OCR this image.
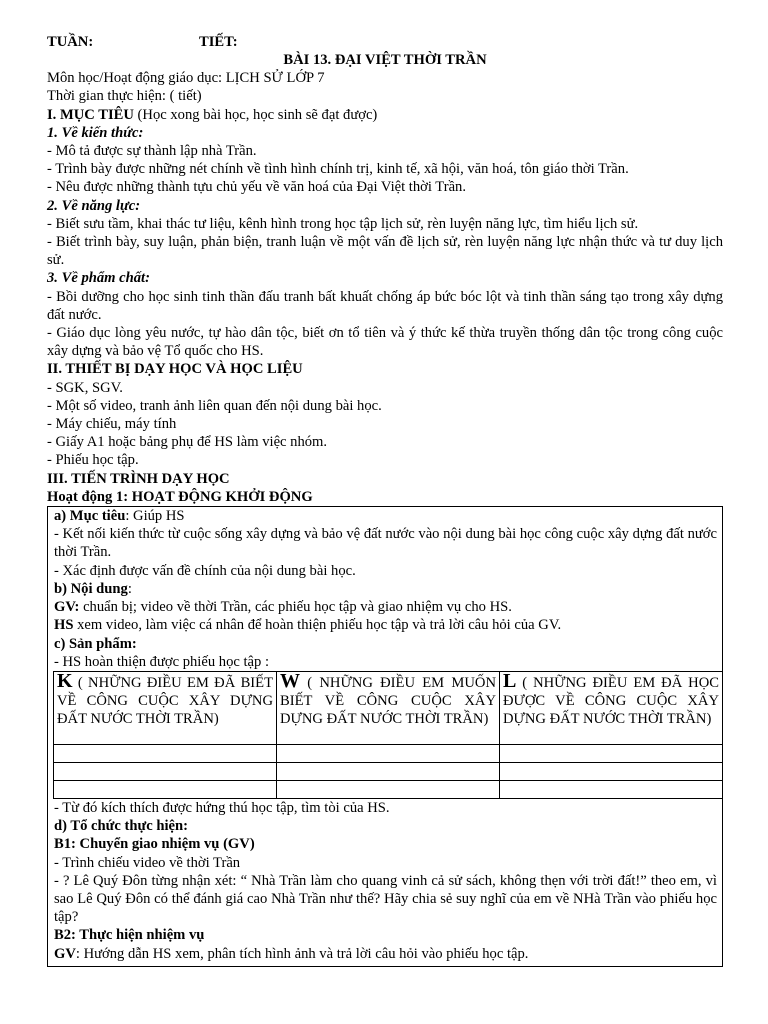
TUẦN:	TIẾT:

BÀI 13. ĐẠI VIỆT THỜI TRẦN

Môn học/Hoạt động giáo dục: LỊCH SỬ LỚP 7

Thời gian thực hiện: ( tiết)

I. MỤC TIÊU (Học xong bài học, học sinh sẽ đạt được)

1. Về kiến thức:

- Mô tả được sự thành lập nhà Trần.

- Trình bày được những nét chính về tình hình chính trị, kinh tế, xã hội, văn hoá, tôn giáo thời Trần.

- Nêu được những thành tựu chủ yếu về văn hoá của Đại Việt thời Trần.

2. Về năng lực:

- Biết sưu tầm, khai thác tư liệu, kênh hình trong học tập lịch sử, rèn luyện năng lực, tìm hiểu lịch sử.

- Biết trình bày, suy luận, phản biện, tranh luận về một vấn đề lịch sử, rèn luyện năng lực nhận thức và tư duy lịch sử.

3. Về phẩm chất:

- Bồi dưỡng cho học sinh tinh thần đấu tranh bất khuất chống áp bức bóc lột và tinh thần sáng tạo trong xây dựng đất nước.

- Giáo dục lòng yêu nước, tự hào dân tộc, biết ơn tổ tiên và ý thức kế thừa truyền thống dân tộc trong công cuộc xây dựng và bảo vệ Tổ quốc cho HS.

II. THIẾT BỊ DẠY HỌC VÀ HỌC LIỆU

- SGK, SGV.

- Một số video, tranh ảnh liên quan đến nội dung bài học.

- Máy chiếu, máy tính

- Giấy A1 hoặc bảng phụ để HS làm việc nhóm.

- Phiếu học tập.

III. TIẾN TRÌNH DẠY HỌC

Hoạt động 1: HOẠT ĐỘNG KHỞI ĐỘNG

a) Mục tiêu: Giúp HS

- Kết nối kiến thức từ cuộc sống xây dựng và bảo vệ đất nước vào nội dung bài học công cuộc xây dựng đất nước thời Trần.

- Xác định được vấn đề chính của nội dung bài học.

b) Nội dung:

GV: chuẩn bị; video về thời Trần, các phiếu học tập và giao nhiệm vụ cho HS.

HS xem video, làm việc cá nhân để hoàn thiện phiếu học tập và trả lời câu hỏi của GV.

c) Sản phẩm:

- HS hoàn thiện được phiếu học tập :

K ( NHỮNG ĐIỀU EM ĐÃ BIẾT VỀ CÔNG CUỘC XÂY DỰNG ĐẤT NƯỚC THỜI TRẦN)	W ( NHỮNG ĐIỀU EM MUỐN BIẾT VỀ CÔNG CUỘC XÂY DỰNG ĐẤT NƯỚC THỜI TRẦN)	L ( NHỮNG ĐIỀU EM ĐÃ HỌC ĐƯỢC VỀ CÔNG CUỘC XÂY DỰNG ĐẤT NƯỚC THỜI TRẦN)

- Từ đó kích thích được hứng thú học tập, tìm tòi của HS.

d) Tổ chức thực hiện:

B1: Chuyển giao nhiệm vụ (GV)

- Trình chiếu video về thời Trần

- ? Lê Quý Đôn từng nhận xét: “ Nhà Trần làm cho quang vinh cả sử sách, không thẹn với trời đất!” theo em, vì sao Lê Quý Đôn có thể đánh giá cao Nhà Trần như thế? Hãy chia sẻ suy nghĩ của em về NHà Trần vào phiếu học tập?

B2: Thực hiện nhiệm vụ

GV: Hướng dẫn HS xem, phân tích hình ảnh và trả lời câu hỏi vào phiếu học tập.
